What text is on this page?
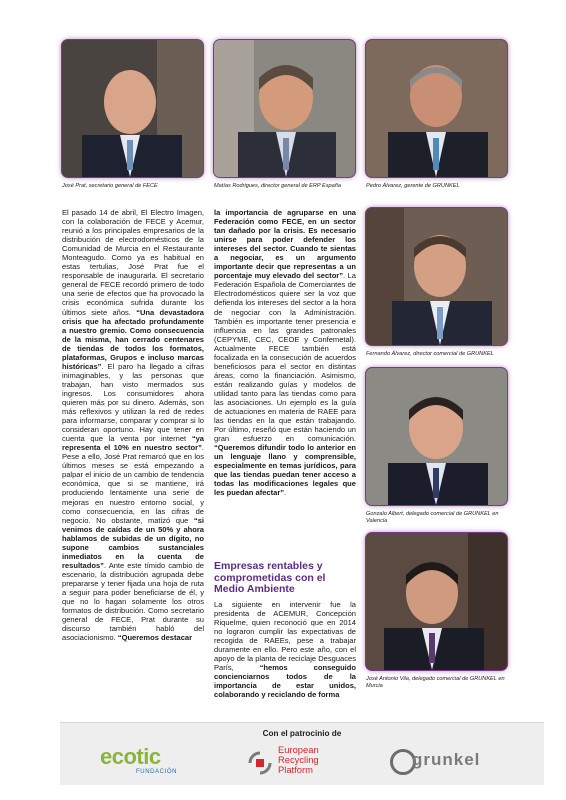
José Prat, secretario general de FECE	Matías Rodrigues, director general de ERP España	Pedro Álvarez, gerente de GRUNKEL
Fernando Álvarez, director comercial de GRUNKEL
Gonzalo Albert, delegado comercial de GRUNKEL en Valencia
José Antonio Vila, delegado comercial de GRUNKEL en Murcia

El pasado 14 de abril, El Electro Imagen, con la colaboración de FECE y Acemur, reunió a los principales empresarios de la distribución de electrodomésticos de la Comunidad de Murcia en el Restaurante Monteagudo. Como ya es habitual en estas tertulias, José Prat fue el responsable de inaugurarla. El secretario general de FECE recordó primero de todo una serie de efectos que ha provocado la crisis económica sufrida durante los últimos siete años. “Una devastadora crisis que ha afectado profundamente a nuestro gremio. Como consecuencia de la misma, han cerrado centenares de tiendas de todos los formatos, plataformas, Grupos e incluso marcas históricas”. El paro ha llegado a cifras inimaginables, y las personas que trabajan, han visto mermados sus ingresos. Los consumidores ahora quieren más por su dinero. Además, son más reflexivos y utilizan la red de redes para informarse, comparar y comprar si lo consideran oportuno. Hay que tener en cuenta que la venta por internet “ya representa el 10% en nuestro sector”. Pese a ello, José Prat remarcó que en los últimos meses se está empezando a palpar el inicio de un cambio de tendencia económica, que si se mantiene, irá produciendo lentamente una serie de mejoras en nuestro entorno social, y como consecuencia, en las cifras de negocio. No obstante, matizó que “si venimos de caídas de un 50% y ahora hablamos de subidas de un dígito, no supone cambios sustanciales inmediatos en la cuenta de resultados”. Ante este tímido cambio de escenario, la distribución agrupada debe prepararse y tener fijada una hoja de ruta a seguir para poder beneficiarse de él, y que no lo hagan solamente los otros formatos de distribución. Como secretario general de FECE, Prat durante su discurso también habló del asociacionismo. “Queremos destacar

la importancia de agruparse en una Federación como FECE, en un sector tan dañado por la crisis. Es necesario unirse para poder defender los intereses del sector. Cuando te sientas a negociar, es un argumento importante decir que representas a un porcentaje muy elevado del sector”. La Federación Española de Comerciantes de Electrodomésticos quiere ser la voz que defienda los intereses del sector a la hora de negociar con la Administración. También es importante tener presencia e influencia en las grandes patronales (CEPYME, CEC, CEOE y Confemetal). Actualmente FECE también está focalizada en la consecución de acuerdos beneficiosos para el sector en distintas áreas, como la financiación. Asimismo, están realizando guías y modelos de utilidad tanto para las tiendas como para las asociaciones. Un ejemplo es la guía de actuaciones en materia de RAEE para las tiendas en la que están trabajando. Por último, reseñó que están haciendo un gran esfuerzo en comunicación. “Queremos difundir todo lo anterior en un lenguaje llano y comprensible, especialmente en temas jurídicos, para que las tiendas puedan tener acceso a todas las modificaciones legales que les puedan afectar”.

Empresas rentables y comprometidas con el Medio Ambiente

La siguiente en intervenir fue la presidenta de ACEMUR, Concepción Riquelme, quien reconoció que en 2014 no lograron cumplir las expectativas de recogida de RAEEs, pese a trabajar duramente en ello. Pero este año, con el apoyo de la planta de reciclaje Desguaces París, “hemos conseguido concienciarnos todos de la importancia de estar unidos, colaborando y reciclando de forma

Con el patrocinio de
ecotic
FUNDACIÓN
European
Recycling
Platform
grunkel
